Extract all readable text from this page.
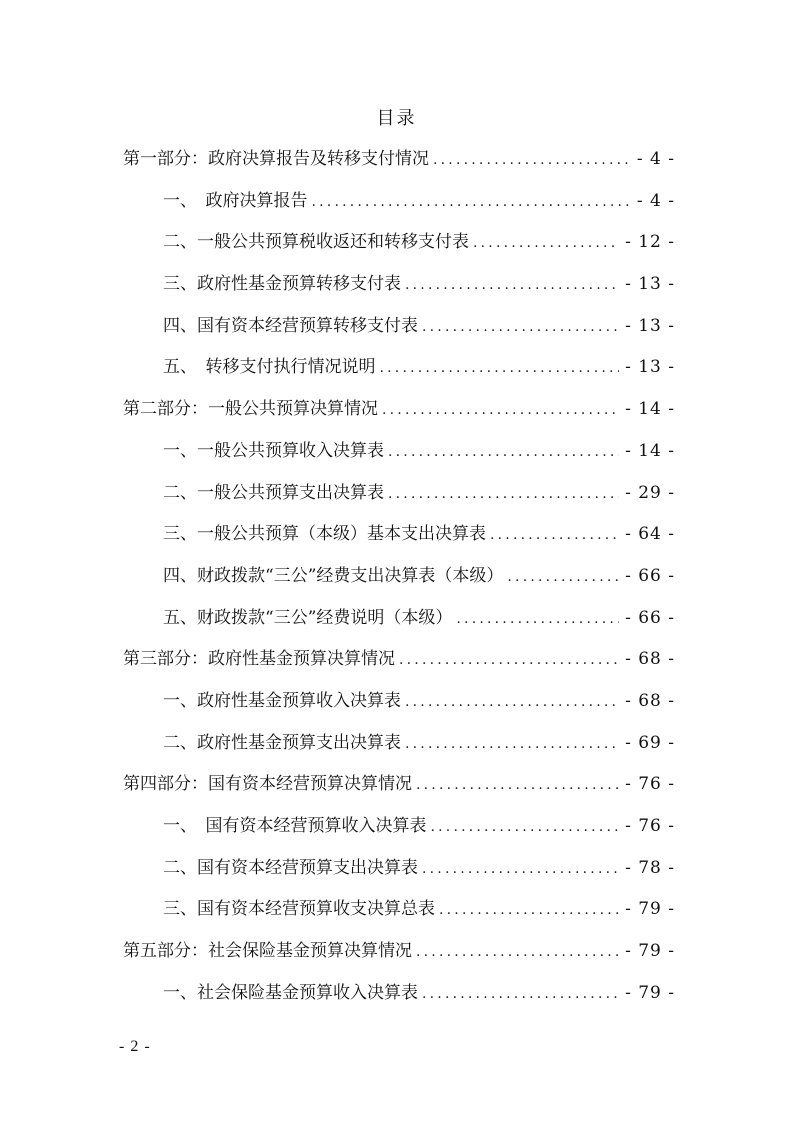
目录
第一部分：政府决算报告及转移支付情况 .....	- 4 -
一、　政府决算报告 .....	- 4 -
二、一般公共预算税收返还和转移支付表 .....	- 12 -
三、政府性基金预算转移支付表 .....	- 13 -
四、国有资本经营预算转移支付表 .....	- 13 -
五、　转移支付执行情况说明 .....	- 13 -
第二部分：一般公共预算决算情况 .....	- 14 -
一、一般公共预算收入决算表 .....	- 14 -
二、一般公共预算支出决算表 .....	- 29 -
三、一般公共预算（本级）基本支出决算表 .....	- 64 -
四、财政拨款“三公”经费支出决算表（本级） .....	- 66 -
五、财政拨款“三公”经费说明（本级） .....	- 66 -
第三部分：政府性基金预算决算情况 .....	- 68 -
一、政府性基金预算收入决算表 .....	- 68 -
二、政府性基金预算支出决算表 .....	- 69 -
第四部分：国有资本经营预算决算情况 .....	- 76 -
一、　国有资本经营预算收入决算表 .....	- 76 -
二、国有资本经营预算支出决算表 .....	- 78 -
三、国有资本经营预算收支决算总表 .....	- 79 -
第五部分：社会保险基金预算决算情况 .....	- 79 -
一、社会保险基金预算收入决算表 .....	- 79 -
- 2 -
